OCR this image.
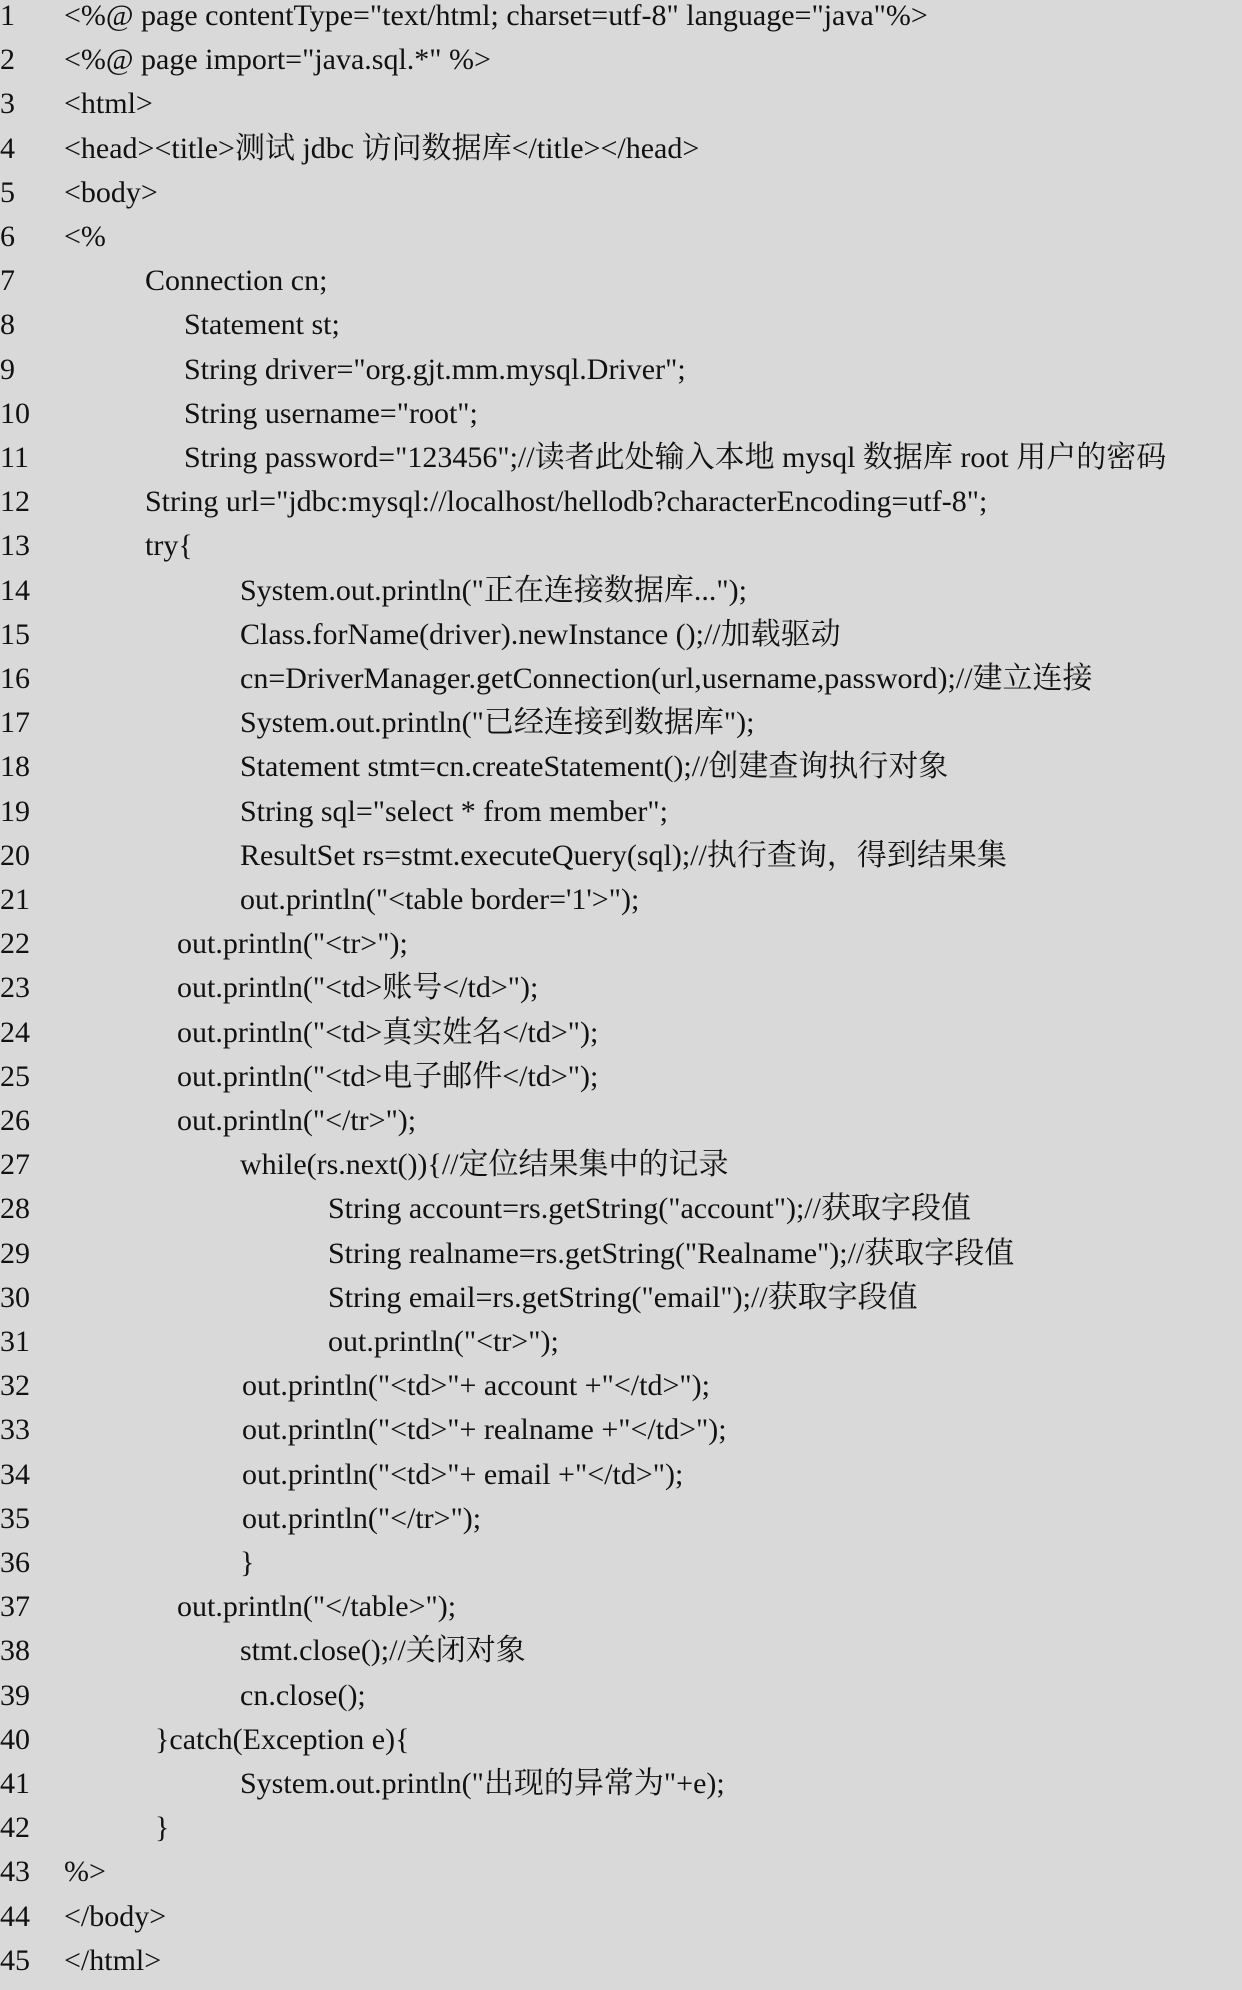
1	<%@ page contentType="text/html; charset=utf-8" language="java"%>
2	<%@ page import="java.sql.*" %>
3	<html>
4	<head><title>测试 jdbc 访问数据库</title></head>
5	<body>
6	<%
7	Connection cn;
8	Statement st;
9	String driver="org.gjt.mm.mysql.Driver";
10	String username="root";
11	String password="123456";//读者此处输入本地 mysql 数据库 root 用户的密码
12	String url="jdbc:mysql://localhost/hellodb?characterEncoding=utf-8";
13	try{
14	System.out.println("正在连接数据库...");
15	Class.forName(driver).newInstance ();//加载驱动
16	cn=DriverManager.getConnection(url,username,password);//建立连接
17	System.out.println("已经连接到数据库");
18	Statement stmt=cn.createStatement();//创建查询执行对象
19	String sql="select * from member";
20	ResultSet rs=stmt.executeQuery(sql);//执行查询，得到结果集
21	out.println("<table border='1'>");
22	out.println("<tr>");
23	out.println("<td>账号</td>");
24	out.println("<td>真实姓名</td>");
25	out.println("<td>电子邮件</td>");
26	out.println("</tr>");
27	while(rs.next()){//定位结果集中的记录
28	String account=rs.getString("account");//获取字段值
29	String realname=rs.getString("Realname");//获取字段值
30	String email=rs.getString("email");//获取字段值
31	out.println("<tr>");
32	out.println("<td>"+ account +"</td>");
33	out.println("<td>"+ realname +"</td>");
34	out.println("<td>"+ email +"</td>");
35	out.println("</tr>");
36	}
37	out.println("</table>");
38	stmt.close();//关闭对象
39	cn.close();
40	}catch(Exception e){
41	System.out.println("出现的异常为"+e);
42	}
43	%>
44	</body>
45	</html>
